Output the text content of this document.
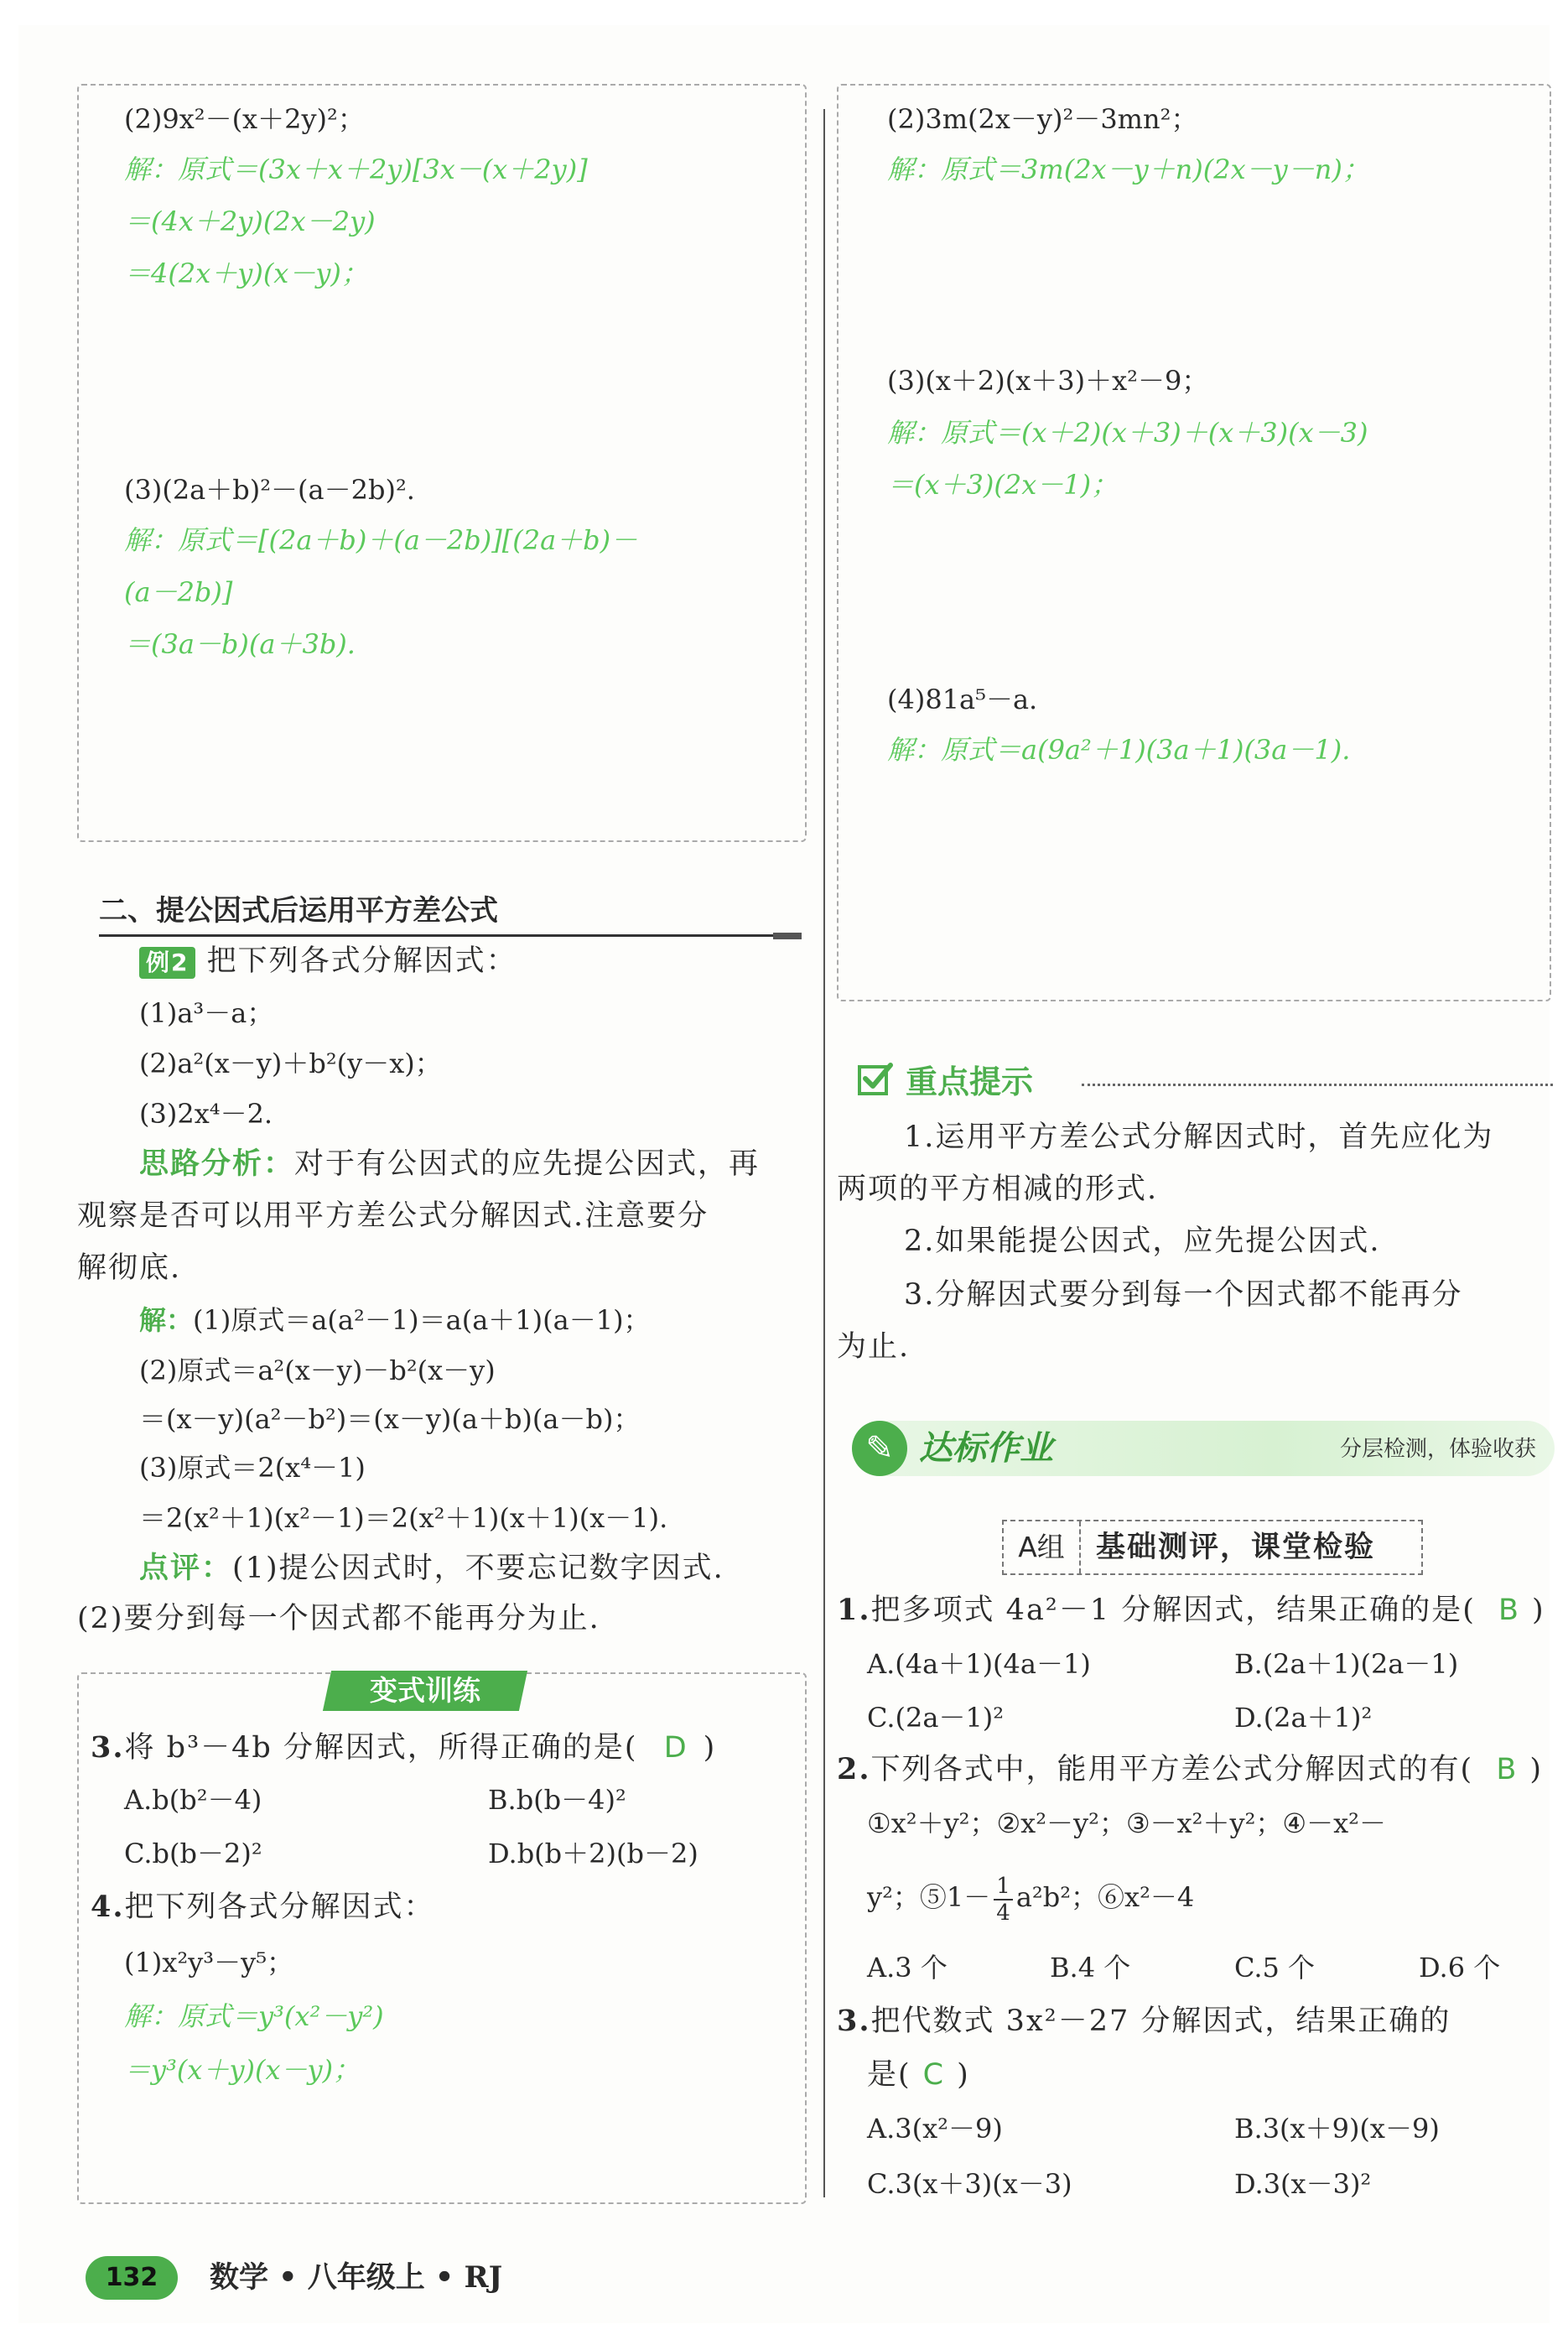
(2)9x²－(x＋2y)²；
解：原式＝(3x＋x＋2y)[3x－(x＋2y)]
＝(4x＋2y)(2x－2y)
＝4(2x＋y)(x－y)；
(3)(2a＋b)²－(a－2b)².
解：原式＝[(2a＋b)＋(a－2b)][(2a＋b)－
(a－2b)]
＝(3a－b)(a＋3b).
二、提公因式后运用平方差公式
例2 把下列各式分解因式：
(1)a³－a；
(2)a²(x－y)＋b²(y－x)；
(3)2x⁴－2.
思路分析：对于有公因式的应先提公因式，再
观察是否可以用平方差公式分解因式.注意要分
解彻底.
解：(1)原式＝a(a²－1)＝a(a＋1)(a－1)；
(2)原式＝a²(x－y)－b²(x－y)
＝(x－y)(a²－b²)＝(x－y)(a＋b)(a－b)；
(3)原式＝2(x⁴－1)
＝2(x²＋1)(x²－1)＝2(x²＋1)(x＋1)(x－1).
点评：(1)提公因式时，不要忘记数字因式.
(2)要分到每一个因式都不能再分为止.
变式训练
3.将 b³－4b 分解因式，所得正确的是( D )
A.b(b²－4)	B.b(b－4)²
C.b(b－2)²	D.b(b＋2)(b－2)
4.把下列各式分解因式：
(1)x²y³－y⁵；
解：原式＝y³(x²－y²)
＝y³(x＋y)(x－y)；
(2)3m(2x－y)²－3mn²；
解：原式＝3m(2x－y＋n)(2x－y－n)；
(3)(x＋2)(x＋3)＋x²－9；
解：原式＝(x＋2)(x＋3)＋(x＋3)(x－3)
＝(x＋3)(2x－1)；
(4)81a⁵－a.
解：原式＝a(9a²＋1)(3a＋1)(3a－1).
重点提示
1.运用平方差公式分解因式时，首先应化为
两项的平方相减的形式.
2.如果能提公因式，应先提公因式.
3.分解因式要分到每一个因式都不能再分
为止.
✎ 达标作业	分层检测，体验收获
A组	基础测评，课堂检验
1.把多项式 4a²－1 分解因式，结果正确的是( B )
A.(4a＋1)(4a－1)	B.(2a＋1)(2a－1)
C.(2a－1)²	D.(2a＋1)²
2.下列各式中，能用平方差公式分解因式的有( B )
①x²＋y²；②x²－y²；③－x²＋y²；④－x²－
y²；⑤1－ $\frac{1}{4} a^2b^2$；⑥x²－4
A.3 个	B.4 个	C.5 个	D.6 个
3.把代数式 3x²－27 分解因式，结果正确的
是( C )
A.3(x²－9)	B.3(x＋9)(x－9)
C.3(x＋3)(x－3)	D.3(x－3)²
132	数学 • 八年级上 • RJ
